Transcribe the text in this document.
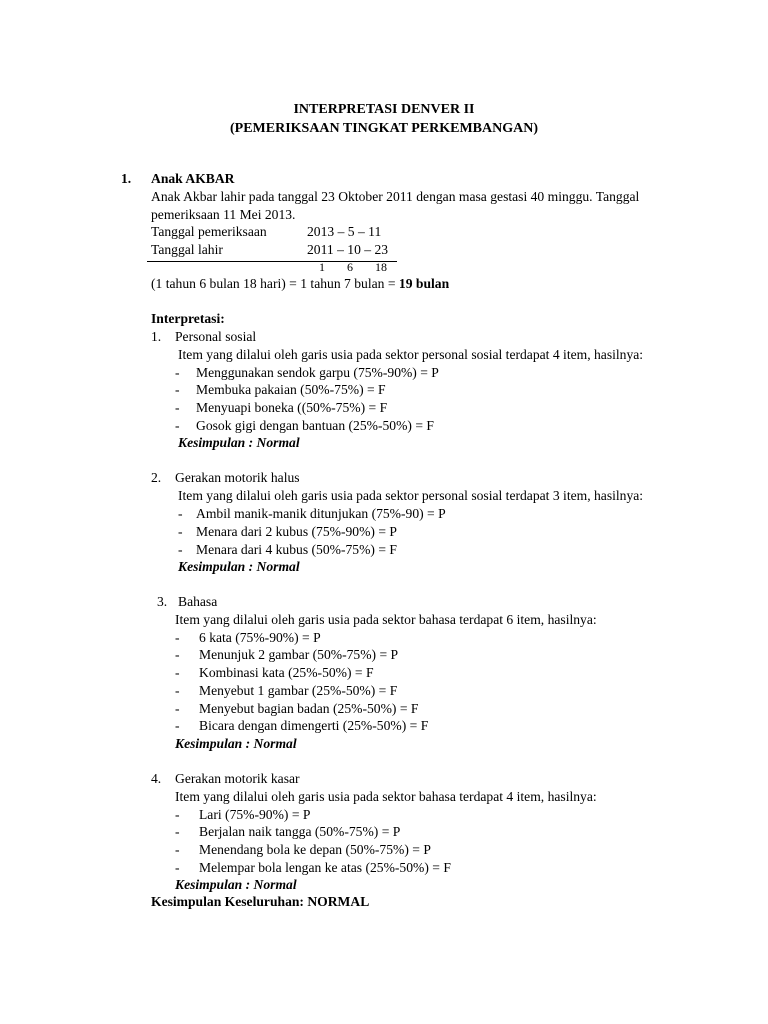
INTERPRETASI DENVER II
(PEMERIKSAAN TINGKAT PERKEMBANGAN)
1. Anak AKBAR
Anak Akbar lahir pada tanggal 23 Oktober 2011 dengan masa gestasi 40 minggu. Tanggal
pemeriksaan 11 Mei 2013.
Tanggal pemeriksaan	2013 – 5 – 11
Tanggal lahir	2011 – 10 – 23
1 6 18
(1 tahun 6 bulan 18 hari) = 1 tahun 7 bulan = 19 bulan
Interpretasi:
1. Personal sosial
Item yang dilalui oleh garis usia pada sektor personal sosial terdapat 4 item, hasilnya:
- Menggunakan sendok garpu (75%-90%) = P
- Membuka pakaian (50%-75%) = F
- Menyuapi boneka ((50%-75%) = F
- Gosok gigi dengan bantuan (25%-50%) = F
Kesimpulan : Normal
2. Gerakan motorik halus
Item yang dilalui oleh garis usia pada sektor personal sosial terdapat 3 item, hasilnya:
- Ambil manik-manik ditunjukan (75%-90) = P
- Menara dari 2 kubus (75%-90%) = P
- Menara dari 4 kubus (50%-75%) = F
Kesimpulan : Normal
3. Bahasa
Item yang dilalui oleh garis usia pada sektor bahasa terdapat 6 item, hasilnya:
- 6 kata (75%-90%) = P
- Menunjuk 2 gambar (50%-75%) = P
- Kombinasi kata (25%-50%) = F
- Menyebut 1 gambar (25%-50%) = F
- Menyebut bagian badan (25%-50%) = F
- Bicara dengan dimengerti (25%-50%) = F
Kesimpulan : Normal
4. Gerakan motorik kasar
Item yang dilalui oleh garis usia pada sektor bahasa terdapat 4 item, hasilnya:
- Lari (75%-90%) = P
- Berjalan naik tangga (50%-75%) = P
- Menendang bola ke depan (50%-75%) = P
- Melempar bola lengan ke atas (25%-50%) = F
Kesimpulan : Normal
Kesimpulan Keseluruhan: NORMAL
